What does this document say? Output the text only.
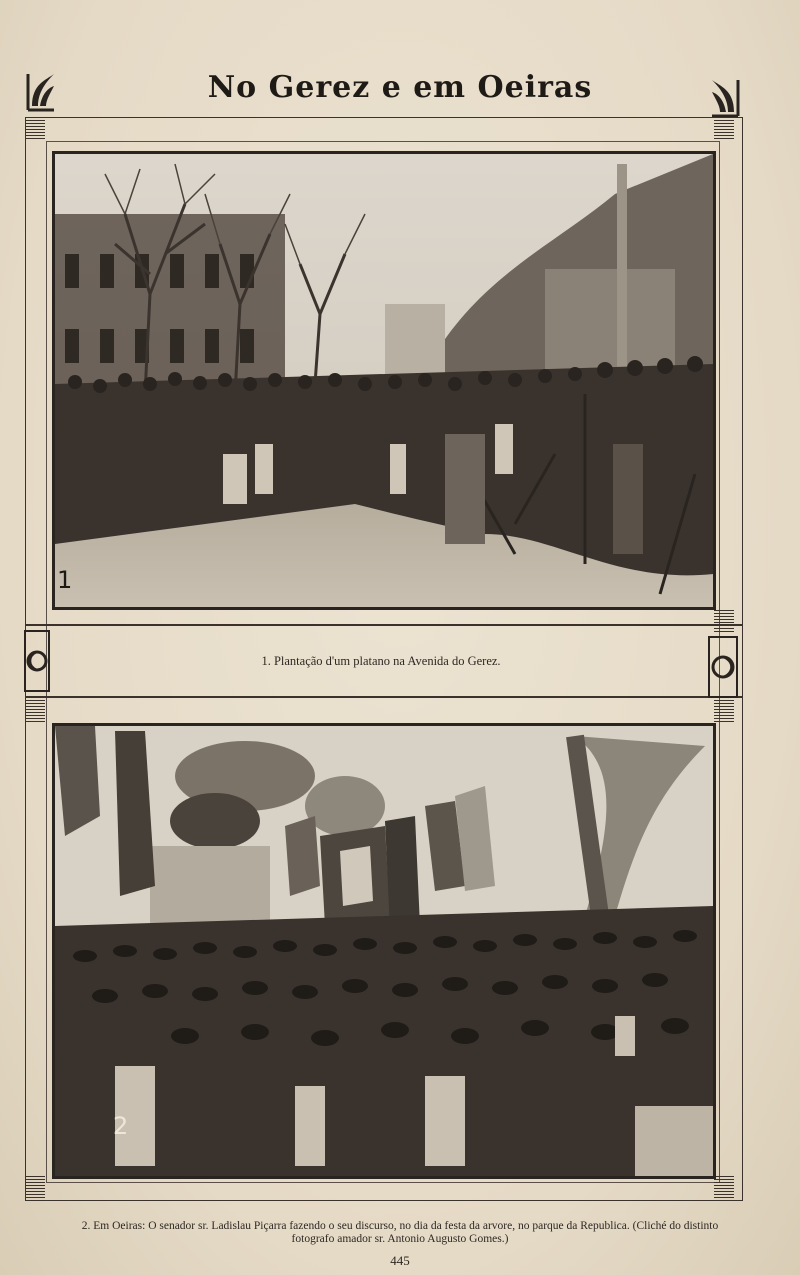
No Gerez e em Oeiras
1
1. Plantação d'um platano na Avenida do Gerez.
2
2. Em Oeiras: O senador sr. Ladislau Piçarra fazendo o seu discurso, no dia da festa da arvore, no parque da Republica. (Cliché do distinto fotografo amador sr. Antonio Augusto Gomes.)
445
